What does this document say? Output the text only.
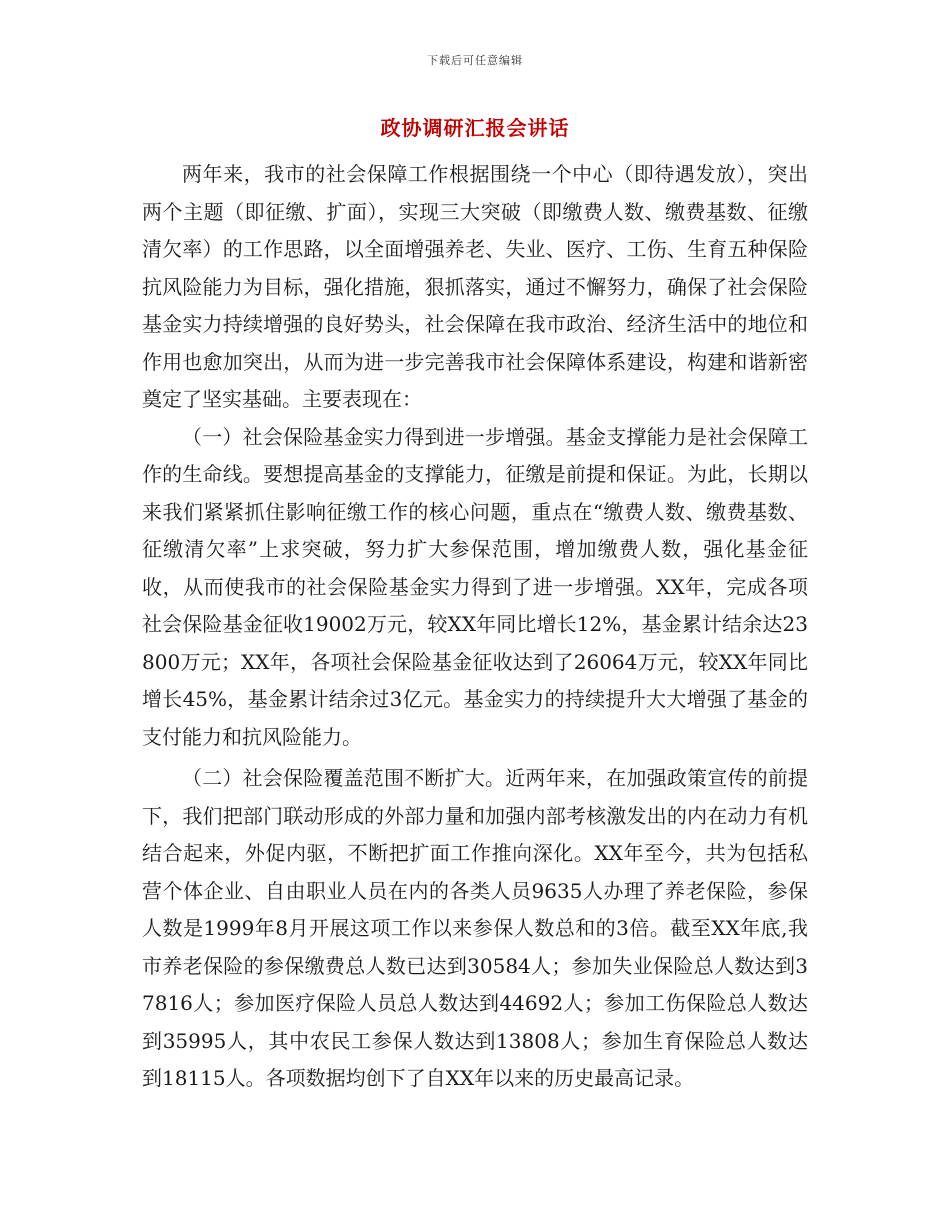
下载后可任意编辑
政协调研汇报会讲话

两年来，我市的社会保障工作根据围绕一个中心（即待遇发放），突出两个主题（即征缴、扩面），实现三大突破（即缴费人数、缴费基数、征缴清欠率）的工作思路，以全面增强养老、失业、医疗、工伤、生育五种保险抗风险能力为目标，强化措施，狠抓落实，通过不懈努力，确保了社会保险基金实力持续增强的良好势头，社会保障在我市政治、经济生活中的地位和作用也愈加突出，从而为进一步完善我市社会保障体系建设，构建和谐新密奠定了坚实基础。主要表现在：

（一）社会保险基金实力得到进一步增强。基金支撑能力是社会保障工作的生命线。要想提高基金的支撑能力，征缴是前提和保证。为此，长期以来我们紧紧抓住影响征缴工作的核心问题，重点在“缴费人数、缴费基数、征缴清欠率”上求突破，努力扩大参保范围，增加缴费人数，强化基金征收，从而使我市的社会保险基金实力得到了进一步增强。XX年，完成各项社会保险基金征收19002万元，较XX年同比增长12%，基金累计结余达23800万元；XX年，各项社会保险基金征收达到了26064万元，较XX年同比增长45%，基金累计结余过3亿元。基金实力的持续提升大大增强了基金的支付能力和抗风险能力。

（二）社会保险覆盖范围不断扩大。近两年来，在加强政策宣传的前提下，我们把部门联动形成的外部力量和加强内部考核激发出的内在动力有机结合起来，外促内驱，不断把扩面工作推向深化。XX年至今，共为包括私营个体企业、自由职业人员在内的各类人员9635人办理了养老保险，参保人数是1999年8月开展这项工作以来参保人数总和的3倍。截至XX年底,我市养老保险的参保缴费总人数已达到30584人；参加失业保险总人数达到37816人；参加医疗保险人员总人数达到44692人；参加工伤保险总人数达到35995人，其中农民工参保人数达到13808人；参加生育保险总人数达到18115人。各项数据均创下了自XX年以来的历史最高记录。
